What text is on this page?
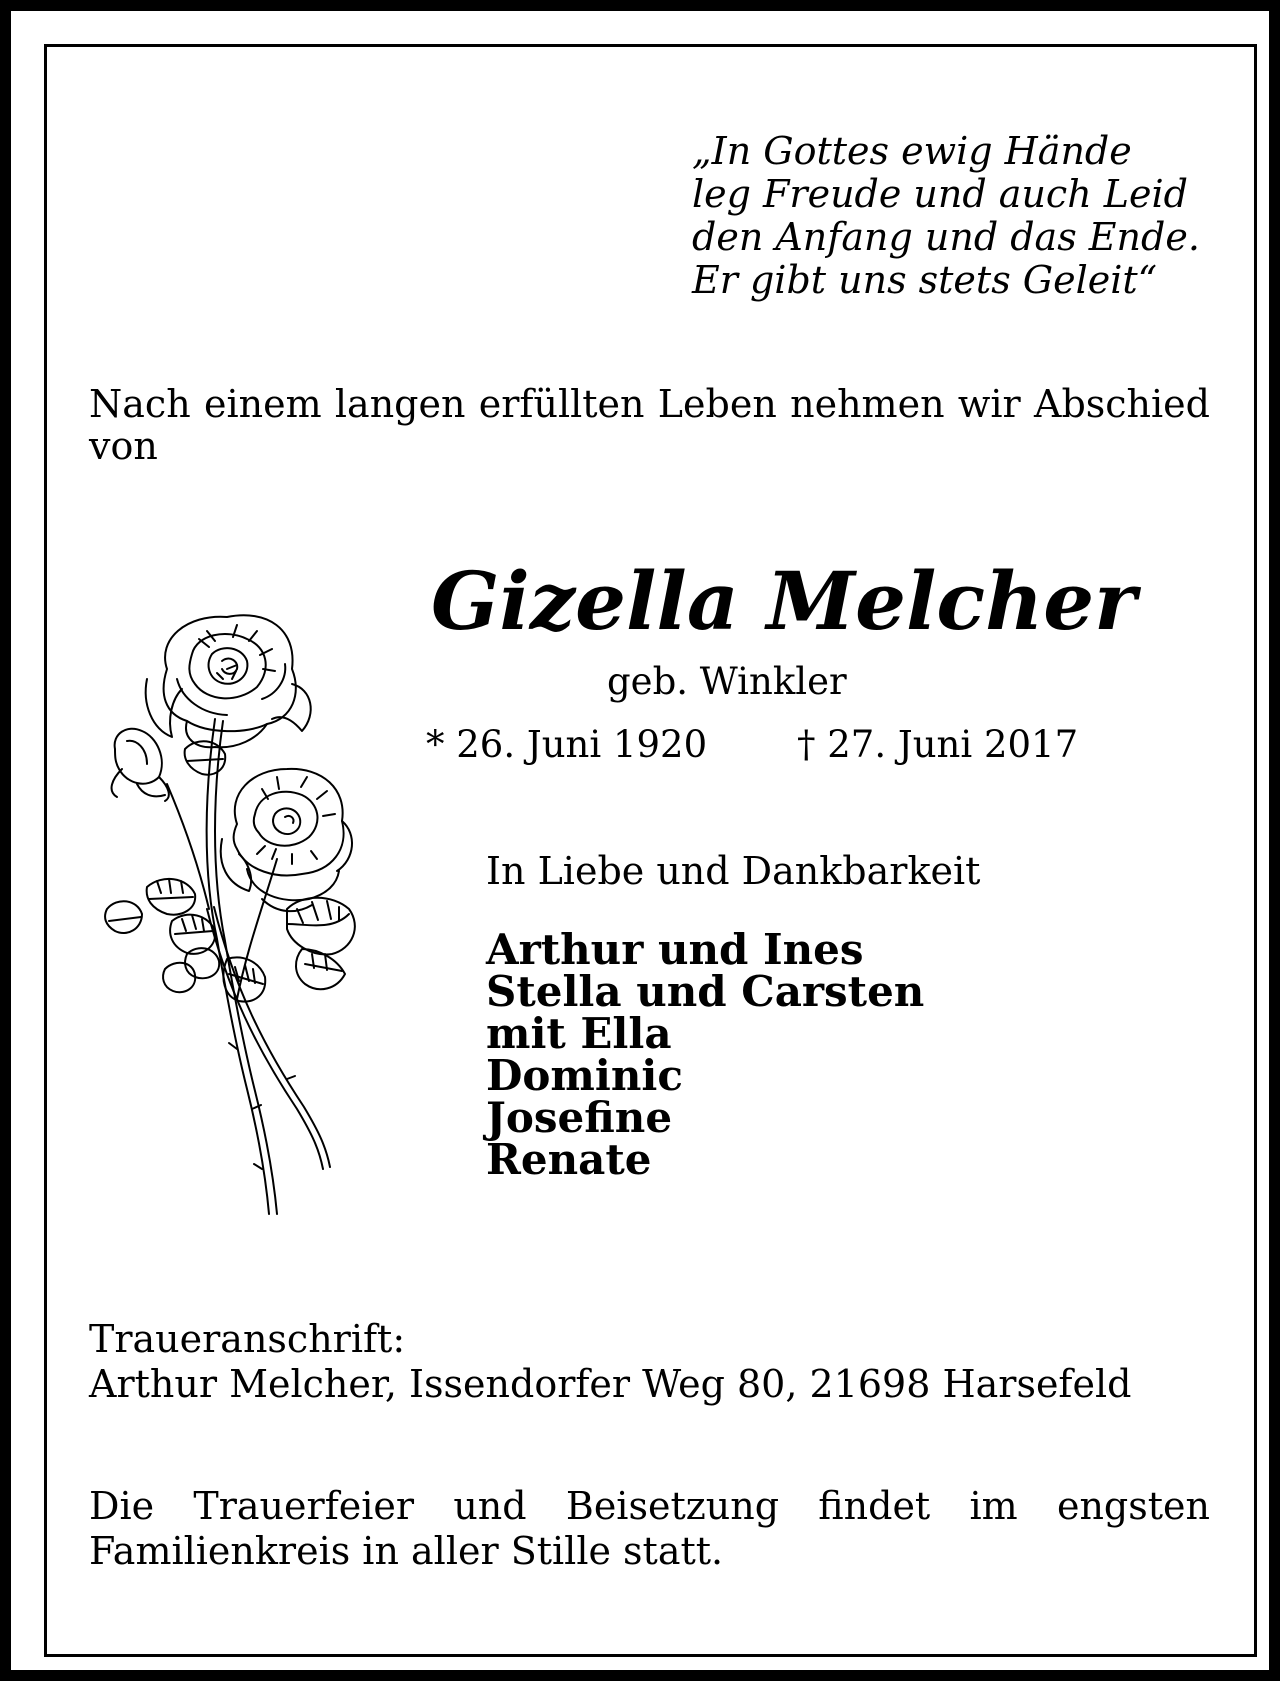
„In Gottes ewig Hände
leg Freude und auch Leid
den Anfang und das Ende.
Er gibt uns stets Geleit“

Nach einem langen erfüllten Leben nehmen wir Abschied von

Gizella Melcher
geb. Winkler
* 26. Juni 1920 † 27. Juni 2017
In Liebe und Dankbarkeit
Arthur und Ines
Stella und Carsten
mit Ella
Dominic
Josefine
Renate
Traueranschrift:
Arthur Melcher, Issendorfer Weg 80, 21698 Harsefeld

Die Trauerfeier und Beisetzung findet im engsten Familienkreis in aller Stille statt.
